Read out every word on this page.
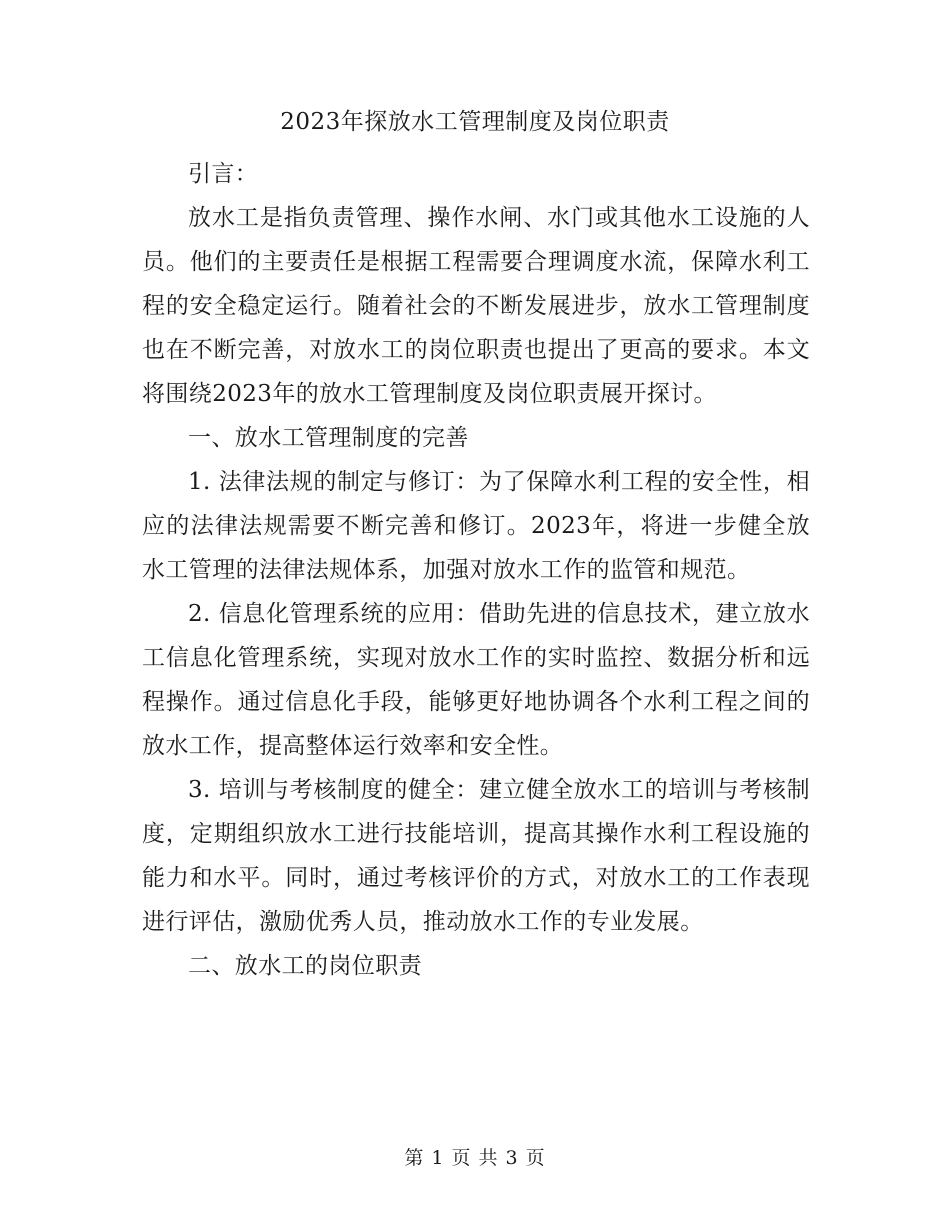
2023年探放水工管理制度及岗位职责

引言：

放水工是指负责管理、操作水闸、水门或其他水工设施的人员。他们的主要责任是根据工程需要合理调度水流，保障水利工程的安全稳定运行。随着社会的不断发展进步，放水工管理制度也在不断完善，对放水工的岗位职责也提出了更高的要求。本文将围绕2023年的放水工管理制度及岗位职责展开探讨。

一、放水工管理制度的完善

1. 法律法规的制定与修订：为了保障水利工程的安全性，相应的法律法规需要不断完善和修订。2023年，将进一步健全放水工管理的法律法规体系，加强对放水工作的监管和规范。

2. 信息化管理系统的应用：借助先进的信息技术，建立放水工信息化管理系统，实现对放水工作的实时监控、数据分析和远程操作。通过信息化手段，能够更好地协调各个水利工程之间的放水工作，提高整体运行效率和安全性。

3. 培训与考核制度的健全：建立健全放水工的培训与考核制度，定期组织放水工进行技能培训，提高其操作水利工程设施的能力和水平。同时，通过考核评价的方式，对放水工的工作表现进行评估，激励优秀人员，推动放水工作的专业发展。

二、放水工的岗位职责

第 1 页 共 3 页
